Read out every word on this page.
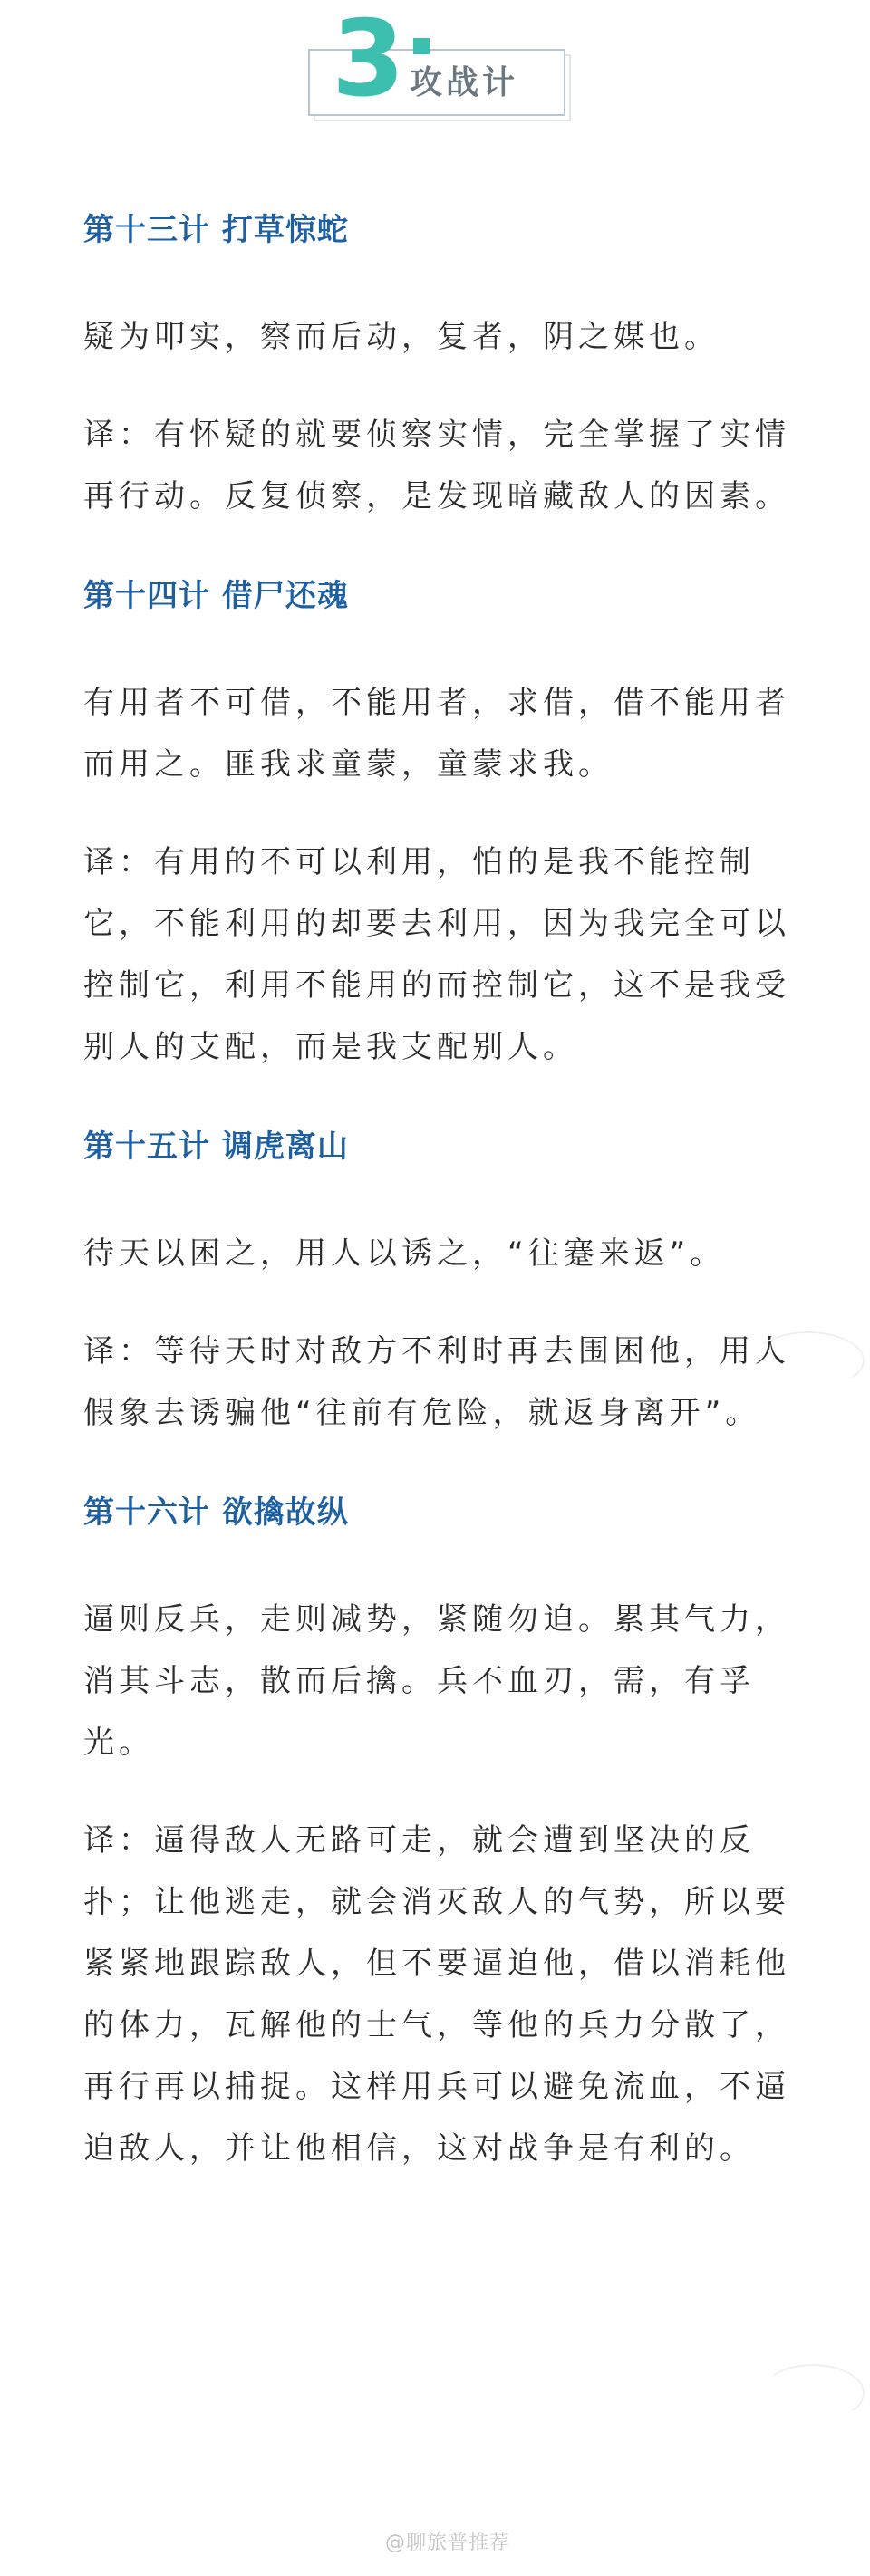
3 攻战计
第十三计 打草惊蛇
疑为叩实，察而后动，复者，阴之媒也。
译：有怀疑的就要侦察实情，完全掌握了实情再行动。反复侦察，是发现暗藏敌人的因素。
第十四计 借尸还魂
有用者不可借，不能用者，求借，借不能用者而用之。匪我求童蒙，童蒙求我。
译：有用的不可以利用，怕的是我不能控制它，不能利用的却要去利用，因为我完全可以控制它，利用不能用的而控制它，这不是我受别人的支配，而是我支配别人。
第十五计 调虎离山
待天以困之，用人以诱之，“往蹇来返”。
译：等待天时对敌方不利时再去围困他，用人假象去诱骗他“往前有危险，就返身离开”。
第十六计 欲擒故纵
逼则反兵，走则减势，紧随勿迫。累其气力，消其斗志，散而后擒。兵不血刃，需，有孚光。
译：逼得敌人无路可走，就会遭到坚决的反扑；让他逃走，就会消灭敌人的气势，所以要紧紧地跟踪敌人，但不要逼迫他，借以消耗他的体力，瓦解他的士气，等他的兵力分散了，再行再以捕捉。这样用兵可以避免流血，不逼迫敌人，并让他相信，这对战争是有利的。
@聊旅普推荐
